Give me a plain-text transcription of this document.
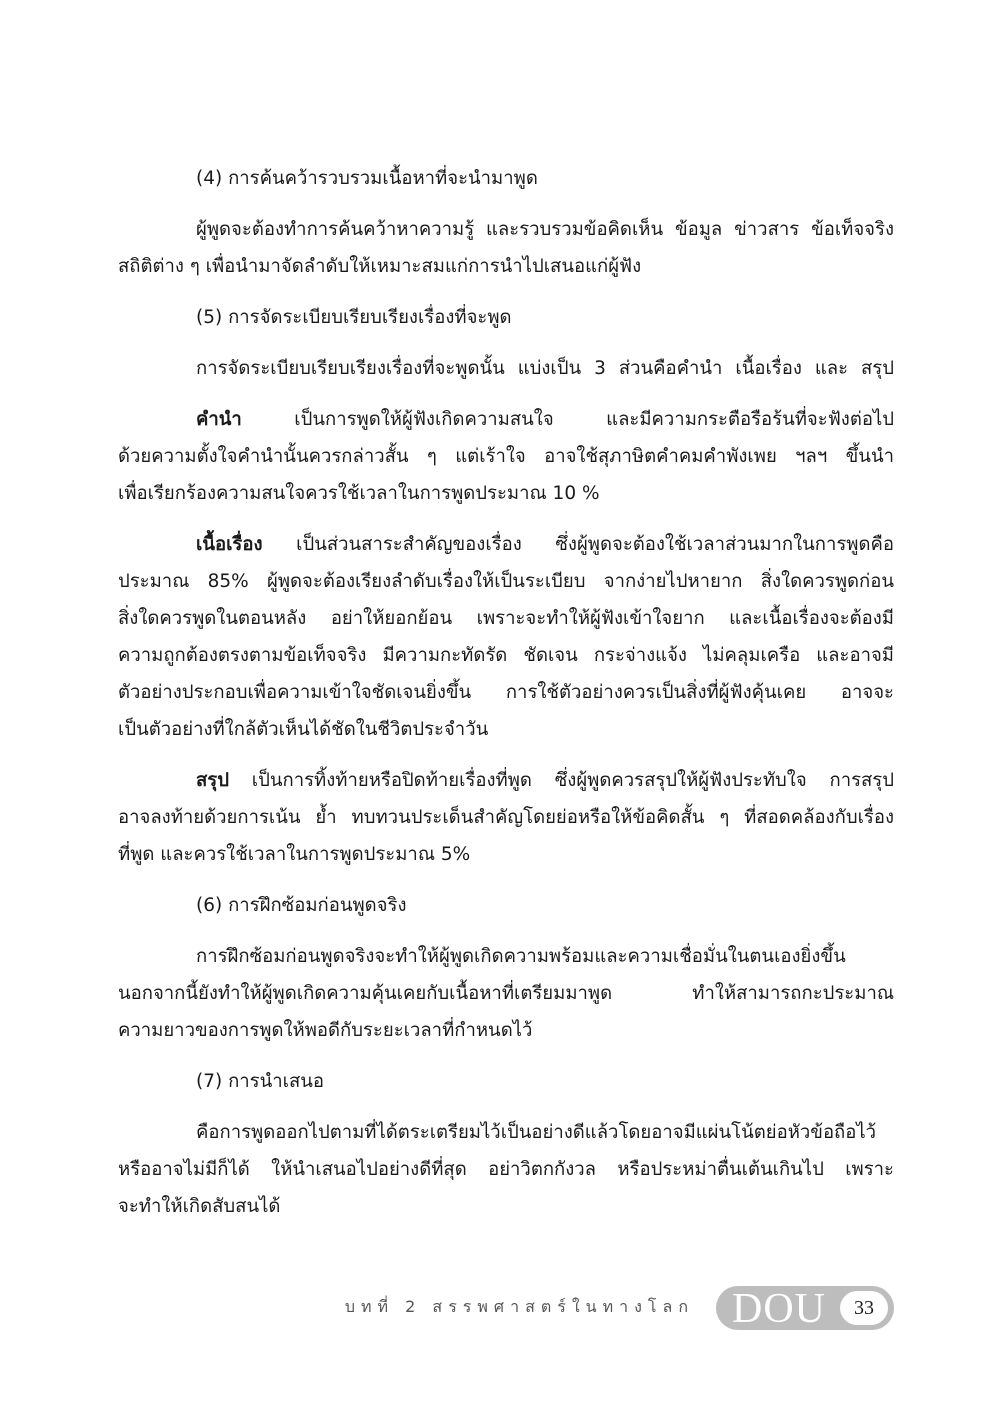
(4) การค้นคว้ารวบรวมเนื้อหาที่จะนำมาพูด

ผู้พูดจะต้องทำการค้นคว้าหาความรู้ และรวบรวมข้อคิดเห็น ข้อมูล ข่าวสาร ข้อเท็จจริง

สถิติต่าง ๆ เพื่อนำมาจัดลำดับให้เหมาะสมแก่การนำไปเสนอแก่ผู้ฟัง

(5) การจัดระเบียบเรียบเรียงเรื่องที่จะพูด

การจัดระเบียบเรียบเรียงเรื่องที่จะพูดนั้น แบ่งเป็น 3 ส่วนคือคำนำ เนื้อเรื่อง และ สรุป

คำนำ เป็นการพูดให้ผู้ฟังเกิดความสนใจ และมีความกระตือรือร้นที่จะฟังต่อไป

ด้วยความตั้งใจคำนำนั้นควรกล่าวสั้น ๆ แต่เร้าใจ อาจใช้สุภาษิตคำคมคำพังเพย ฯลฯ ขึ้นนำ

เพื่อเรียกร้องความสนใจควรใช้เวลาในการพูดประมาณ 10 %

เนื้อเรื่อง เป็นส่วนสาระสำคัญของเรื่อง ซึ่งผู้พูดจะต้องใช้เวลาส่วนมากในการพูดคือ

ประมาณ 85% ผู้พูดจะต้องเรียงลำดับเรื่องให้เป็นระเบียบ จากง่ายไปหายาก สิ่งใดควรพูดก่อน

สิ่งใดควรพูดในตอนหลัง อย่าให้ยอกย้อน เพราะจะทำให้ผู้ฟังเข้าใจยาก และเนื้อเรื่องจะต้องมี

ความถูกต้องตรงตามข้อเท็จจริง มีความกะทัดรัด ชัดเจน กระจ่างแจ้ง ไม่คลุมเครือ และอาจมี

ตัวอย่างประกอบเพื่อความเข้าใจชัดเจนยิ่งขึ้น การใช้ตัวอย่างควรเป็นสิ่งที่ผู้ฟังคุ้นเคย อาจจะ

เป็นตัวอย่างที่ใกล้ตัวเห็นได้ชัดในชีวิตประจำวัน

สรุป เป็นการทิ้งท้ายหรือปิดท้ายเรื่องที่พูด ซึ่งผู้พูดควรสรุปให้ผู้ฟังประทับใจ การสรุป

อาจลงท้ายด้วยการเน้น ย้ำ ทบทวนประเด็นสำคัญโดยย่อหรือให้ข้อคิดสั้น ๆ ที่สอดคล้องกับเรื่อง

ที่พูด และควรใช้เวลาในการพูดประมาณ 5%

(6) การฝึกซ้อมก่อนพูดจริง

การฝึกซ้อมก่อนพูดจริงจะทำให้ผู้พูดเกิดความพร้อมและความเชื่อมั่นในตนเองยิ่งขึ้น

นอกจากนี้ยังทำให้ผู้พูดเกิดความคุ้นเคยกับเนื้อหาที่เตรียมมาพูด ทำให้สามารถกะประมาณ

ความยาวของการพูดให้พอดีกับระยะเวลาที่กำหนดไว้

(7) การนำเสนอ

คือการพูดออกไปตามที่ได้ตระเตรียมไว้เป็นอย่างดีแล้วโดยอาจมีแผ่นโน้ตย่อหัวข้อถือไว้

หรืออาจไม่มีก็ได้ ให้นำเสนอไปอย่างดีที่สุด อย่าวิตกกังวล หรือประหม่าตื่นเต้นเกินไป เพราะ

จะทำให้เกิดสับสนได้

บทที่ 2 สรรพศาสตร์ในทางโลก DOU	33
